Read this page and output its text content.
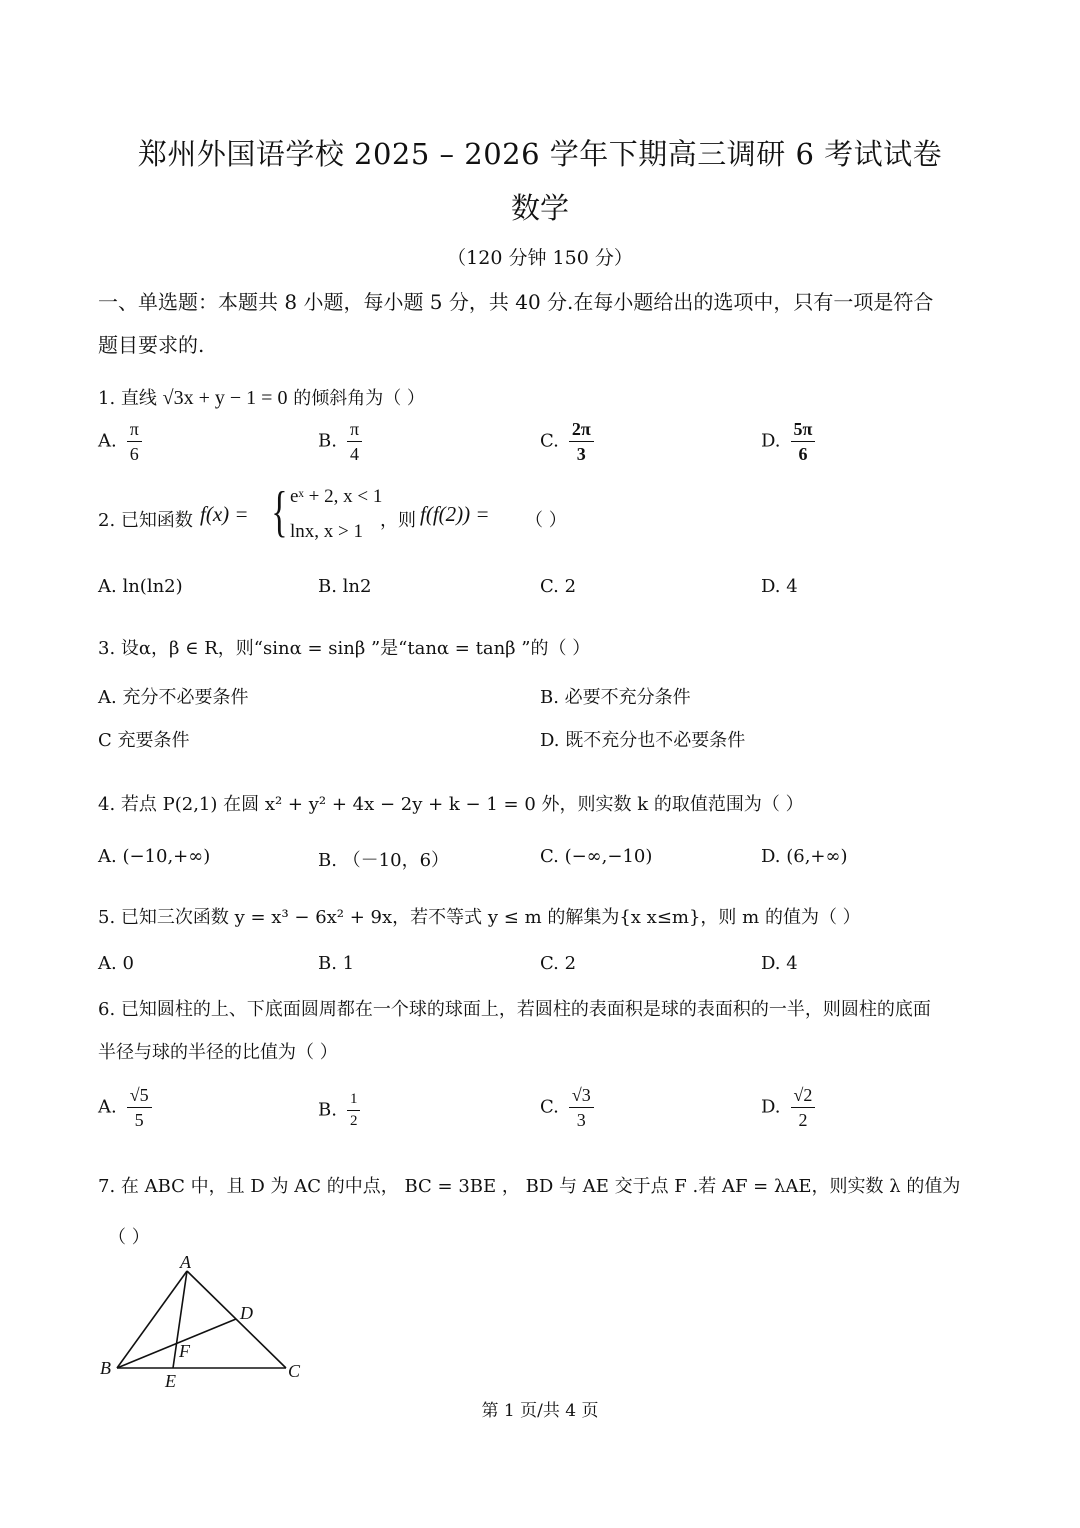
郑州外国语学校 2025 – 2026 学年下期高三调研 6 考试试卷
数学
（120 分钟 150 分）
一、单选题：本题共 8 小题，每小题 5 分，共 40 分.在每小题给出的选项中，只有一项是符合
题目要求的.
1. 直线 √3x + y − 1 = 0 的倾斜角为（ ）
A. $\frac{\pi}{6}$	B. $\frac{\pi}{4}$	C. $\frac{2\pi}{3}$	D. $\frac{5\pi}{6}$
2. 已知函数 f(x) = { eˣ + 2, x < 1
lnx, x > 1
，则 f(f(2)) = （ ）
A. ln(ln2)	B. ln2	C. 2	D. 4
3. 设α，β ∈ R，则“sinα = sinβ ”是“tanα = tanβ ”的（ ）
A. 充分不必要条件	B. 必要不充分条件
C 充要条件	D. 既不充分也不必要条件
4. 若点 P(2,1) 在圆 x² + y² + 4x − 2y + k − 1 = 0 外，则实数 k 的取值范围为（ ）
A. (−10,+∞)	B. （－10，6）	C. (−∞,−10)	D. (6,+∞)
5. 已知三次函数 y = x³ − 6x² + 9x，若不等式 y ≤ m 的解集为{x x≤m}，则 m 的值为（ ）
A. 0	B. 1	C. 2	D. 4
6. 已知圆柱的上、下底面圆周都在一个球的球面上，若圆柱的表面积是球的表面积的一半，则圆柱的底面
半径与球的半径的比值为（ ）
A. $\frac{√5}{5}$	B. $\frac{1}{2}$	C. $\frac{√3}{3}$	D. $\frac{√2}{2}$
7. 在 ABC 中，且 D 为 AC 的中点， BC = 3BE ， BD 与 AE 交于点 F .若 AF = λAE，则实数 λ 的值为
（ ）
A
B	C
D
E
F
第 1 页/共 4 页
